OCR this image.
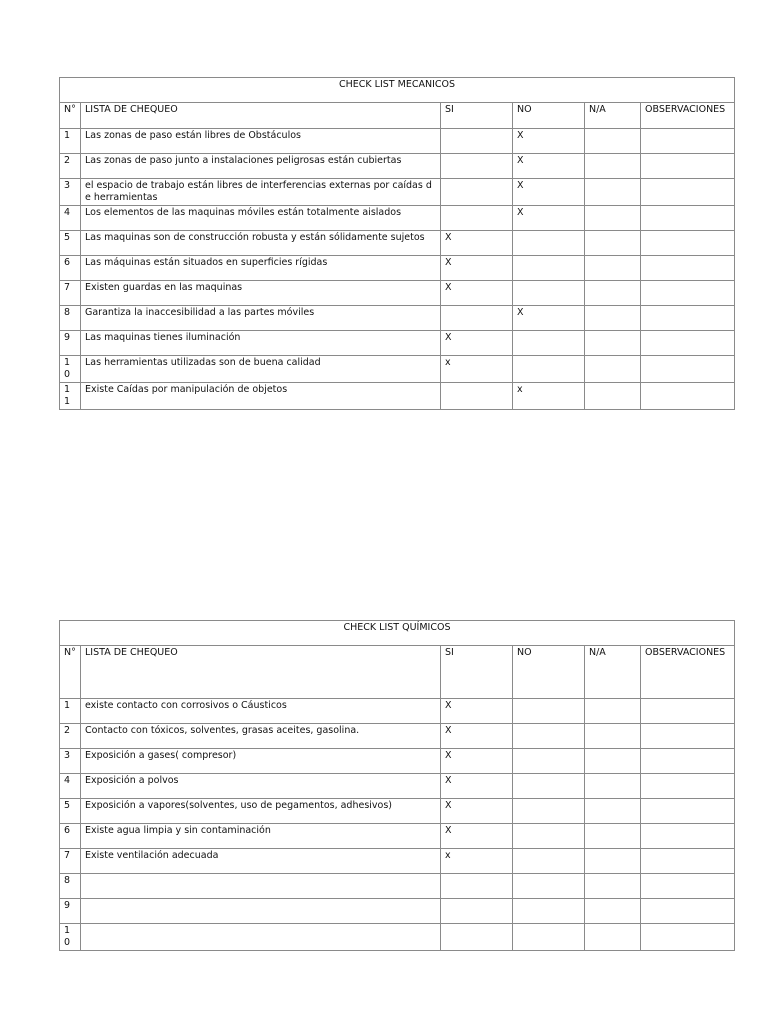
CHECK LIST MECANICOS					
N°	LISTA DE CHEQUEO	SI	NO	N/A	OBSERVACIONES
1	Las zonas de paso están libres de Obstáculos		X		
2	Las zonas de paso junto a instalaciones peligrosas están cubiertas		X		
3	el espacio de trabajo están libres de interferencias externas por caídas de herramientas		X		
4	Los elementos de las maquinas móviles están totalmente aislados		X		
5	Las maquinas son de construcción robusta y están sólidamente sujetos	X			
6	Las máquinas están situados en superficies rígidas	X			
7	Existen guardas en las maquinas	X			
8	Garantiza la inaccesibilidad a las partes móviles		X		
9	Las maquinas tienes iluminación	X			
10	Las herramientas utilizadas son de buena calidad	x			
11	Existe Caídas por manipulación de objetos		x		
CHECK LIST QUÍMICOS					
N°	LISTA DE CHEQUEO	SI	NO	N/A	OBSERVACIONES
1	existe contacto con corrosivos o Cáusticos	X			
2	Contacto con tóxicos, solventes, grasas aceites, gasolina.	X			
3	Exposición a gases( compresor)	X			
4	Exposición a polvos	X			
5	Exposición a vapores(solventes, uso de pegamentos, adhesivos)	X			
6	Existe agua limpia y sin contaminación	X			
7	Existe ventilación adecuada	x			
8					
9					
10					
